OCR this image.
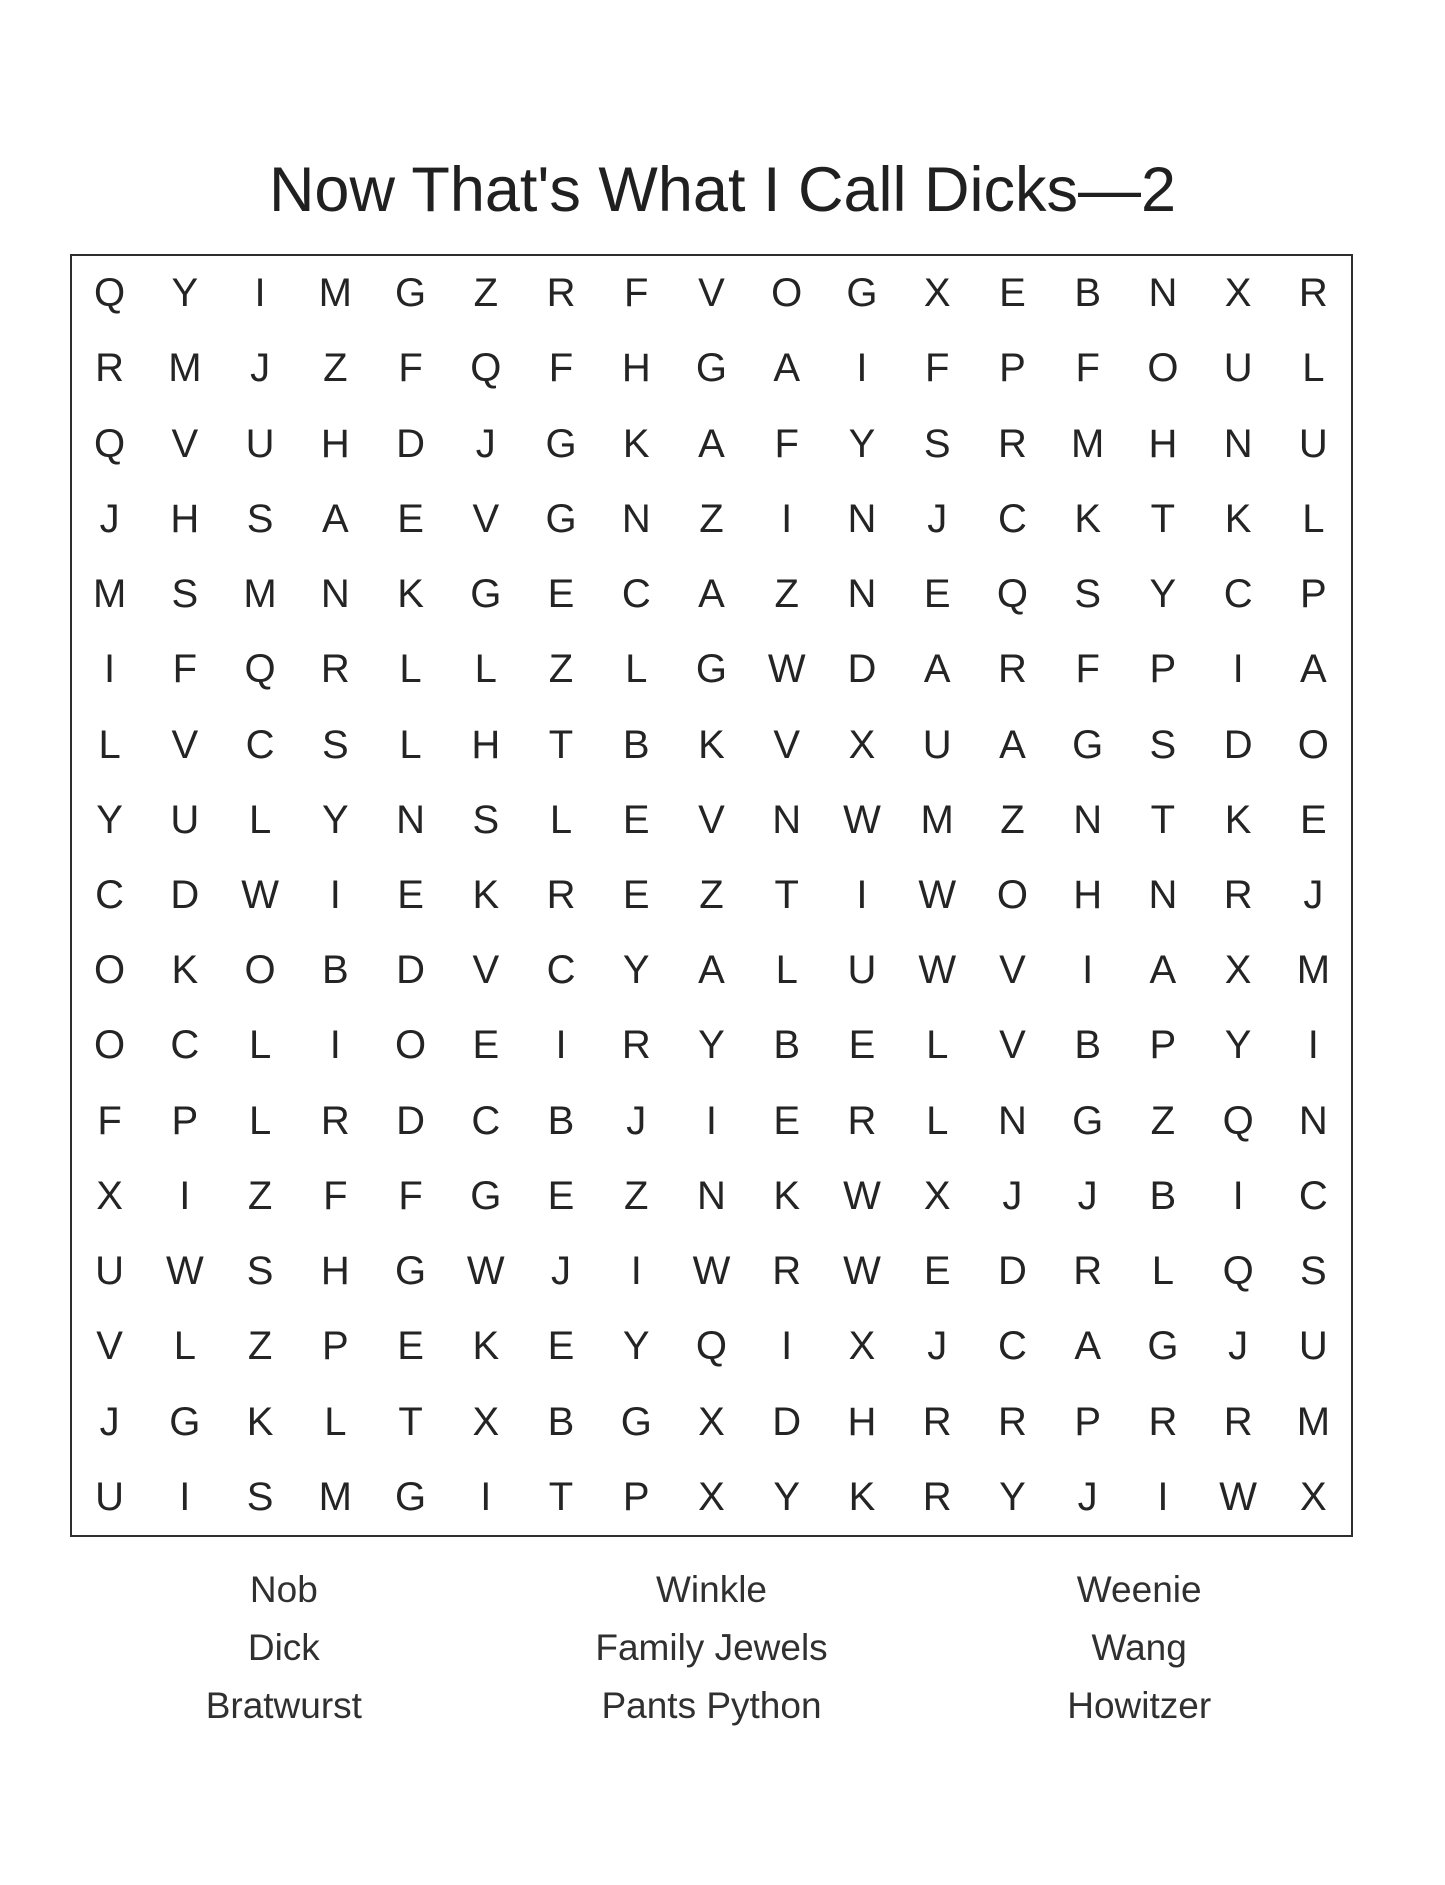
Now That's What I Call Dicks—2
Q	Y	I	M	G	Z	R	F	V	O	G	X	E	B	N	X	R
R	M	J	Z	F	Q	F	H	G	A	I	F	P	F	O	U	L
Q	V	U	H	D	J	G	K	A	F	Y	S	R	M	H	N	U
J	H	S	A	E	V	G	N	Z	I	N	J	C	K	T	K	L
M	S	M	N	K	G	E	C	A	Z	N	E	Q	S	Y	C	P
I	F	Q	R	L	L	Z	L	G	W	D	A	R	F	P	I	A
L	V	C	S	L	H	T	B	K	V	X	U	A	G	S	D	O
Y	U	L	Y	N	S	L	E	V	N	W M	Z	N	T	K	E
C	D	W	I	E	K	R	E	Z	T	I	W	O	H	N	R	J
O	K	O	B	D	V	C	Y	A	L	U	W	V	I	A	X	M
O	C	L	I	O	E	I	R	Y	B	E	L	V	B	P	Y	I
F	P	L	R	D	C	B	J	I	E	R	L	N	G	Z	Q	N
X	I	Z	F	F	G	E	Z	N	K	W	X	J	J	B	I	C
U	W	S	H	G	W	J	I	W	R	W	E	D	R	L	Q	S
V	L	Z	P	E	K	E	Y	Q	I	X	J	C	A	G	J	U
J	G	K	L	T	X	B	G	X	D	H	R	R	P	R	R	M
U	I	S	M	G	I	T	P	X	Y	K	R	Y	J	I	W	X
Nob
Dick
Bratwurst
Winkle
Family Jewels
Pants Python
Weenie
Wang
Howitzer
